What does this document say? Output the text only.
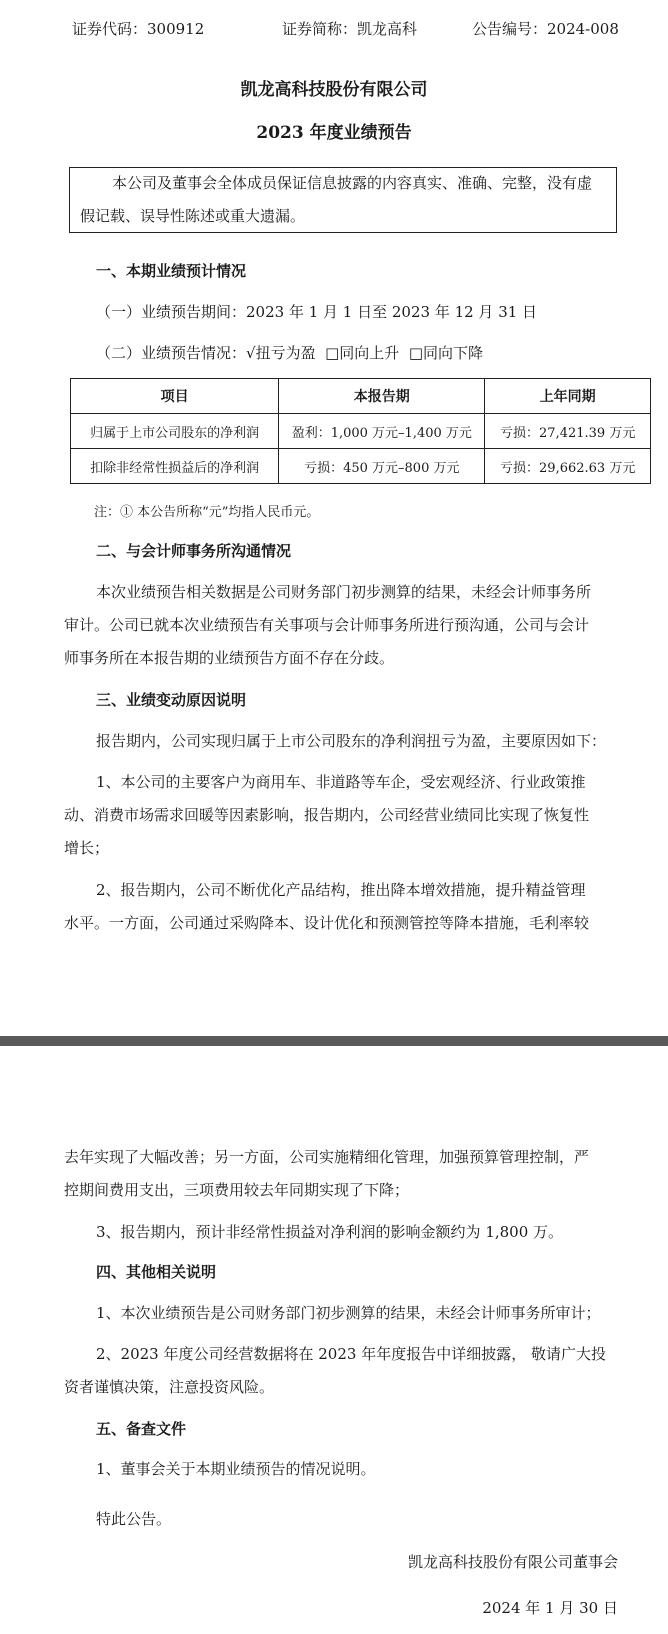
证券代码：300912	证券简称：凯龙高科	公告编号：2024-008
凯龙高科技股份有限公司
2023 年度业绩预告
本公司及董事会全体成员保证信息披露的内容真实、准确、完整，没有虚
假记载、误导性陈述或重大遗漏。
一、本期业绩预计情况
（一）业绩预告期间：2023 年 1 月 1 日至 2023 年 12 月 31 日
（二）业绩预告情况：√扭亏为盈 □同向上升 □同向下降
项目	本报告期	上年同期
归属于上市公司股东的净利润	盈利：1,000 万元–1,400 万元	亏损：27,421.39 万元
扣除非经常性损益后的净利润	亏损：450 万元–800 万元	亏损：29,662.63 万元
注：① 本公告所称“元”均指人民币元。
二、与会计师事务所沟通情况
本次业绩预告相关数据是公司财务部门初步测算的结果，未经会计师事务所
审计。公司已就本次业绩预告有关事项与会计师事务所进行预沟通，公司与会计
师事务所在本报告期的业绩预告方面不存在分歧。
三、业绩变动原因说明
报告期内，公司实现归属于上市公司股东的净利润扭亏为盈，主要原因如下：
1、本公司的主要客户为商用车、非道路等车企，受宏观经济、行业政策推
动、消费市场需求回暖等因素影响，报告期内，公司经营业绩同比实现了恢复性
增长；
2、报告期内，公司不断优化产品结构，推出降本增效措施，提升精益管理
水平。一方面，公司通过采购降本、设计优化和预测管控等降本措施，毛利率较
去年实现了大幅改善；另一方面，公司实施精细化管理，加强预算管理控制，严
控期间费用支出，三项费用较去年同期实现了下降；
3、报告期内，预计非经常性损益对净利润的影响金额约为 1,800 万。
四、其他相关说明
1、本次业绩预告是公司财务部门初步测算的结果，未经会计师事务所审计；
2、2023 年度公司经营数据将在 2023 年年度报告中详细披露， 敬请广大投
资者谨慎决策，注意投资风险。
五、备查文件
1、董事会关于本期业绩预告的情况说明。
特此公告。
凯龙高科技股份有限公司董事会
2024 年 1 月 30 日
